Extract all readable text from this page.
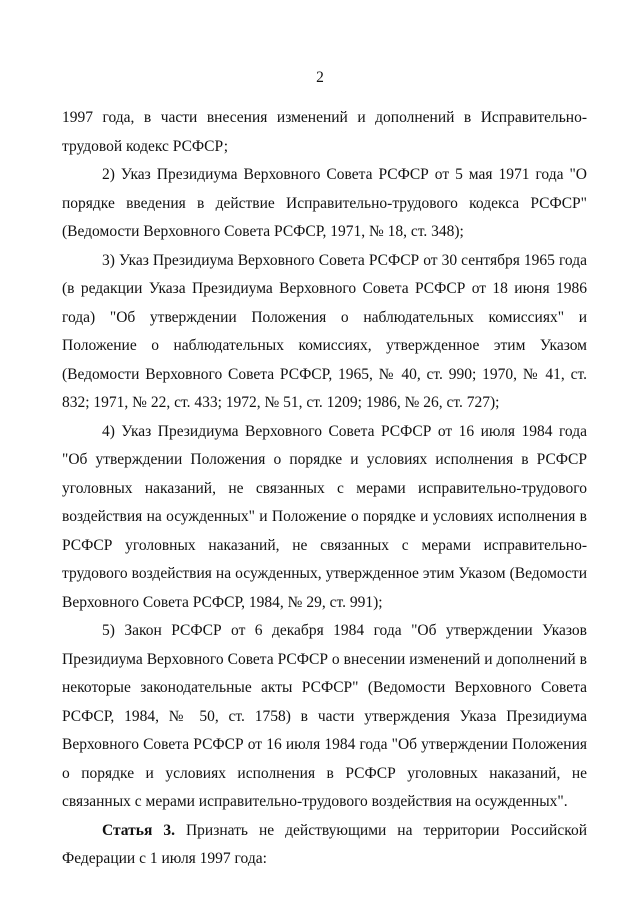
2

1997 года, в части внесения изменений и дополнений в Исправительно-трудовой кодекс РСФСР;

2) Указ Президиума Верховного Совета РСФСР от 5 мая 1971 года "О порядке введения в действие Исправительно-трудового кодекса РСФСР" (Ведомости Верховного Совета РСФСР, 1971, № 18, ст. 348);

3) Указ Президиума Верховного Совета РСФСР от 30 сентября 1965 года (в редакции Указа Президиума Верховного Совета РСФСР от 18 июня 1986 года) "Об утверждении Положения о наблюдательных комиссиях" и Положение о наблюдательных комиссиях, утвержденное этим Указом (Ведомости Верховного Совета РСФСР, 1965, № 40, ст. 990; 1970, № 41, ст. 832; 1971, № 22, ст. 433; 1972, № 51, ст. 1209; 1986, № 26, ст. 727);

4) Указ Президиума Верховного Совета РСФСР от 16 июля 1984 года "Об утверждении Положения о порядке и условиях исполнения в РСФСР уголовных наказаний, не связанных с мерами исправительно-трудового воздействия на осужденных" и Положение о порядке и условиях исполнения в РСФСР уголовных наказаний, не связанных с мерами исправительно-трудового воздействия на осужденных, утвержденное этим Указом (Ведомости Верховного Совета РСФСР, 1984, № 29, ст. 991);

5) Закон РСФСР от 6 декабря 1984 года "Об утверждении Указов Президиума Верховного Совета РСФСР о внесении изменений и дополнений в некоторые законодательные акты РСФСР" (Ведомости Верховного Совета РСФСР, 1984, № 50, ст. 1758) в части утверждения Указа Президиума Верховного Совета РСФСР от 16 июля 1984 года "Об утверждении Положения о порядке и условиях исполнения в РСФСР уголовных наказаний, не связанных с мерами исправительно-трудового воздействия на осужденных".

Статья 3. Признать не действующими на территории Российской Федерации с 1 июля 1997 года:
